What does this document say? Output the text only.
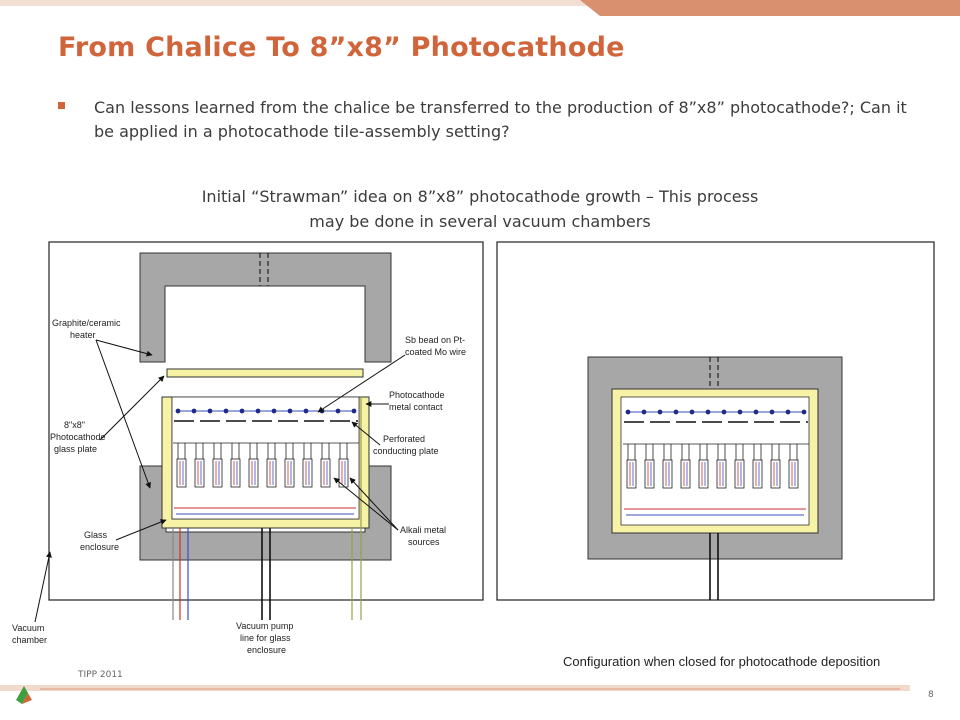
From Chalice To 8”x8” Photocathode
Can lessons learned from the chalice be transferred to the production of 8”x8” photocathode?; Can it be applied in a photocathode tile-assembly setting?
Initial “Strawman” idea on 8”x8” photocathode growth – This process
may be done in several vacuum chambers
Graphite/ceramic
heater	Sb bead on Pt-
coated Mo wire
Photocathode
metal contact
8"x8"
Photocathode
glass plate
Perforated
conducting plate
Glass
enclosure
Alkali metal
sources
Vacuum
chamber
Vacuum pump
line for glass
enclosure
Configuration when closed for photocathode deposition
TIPP 2011
8
